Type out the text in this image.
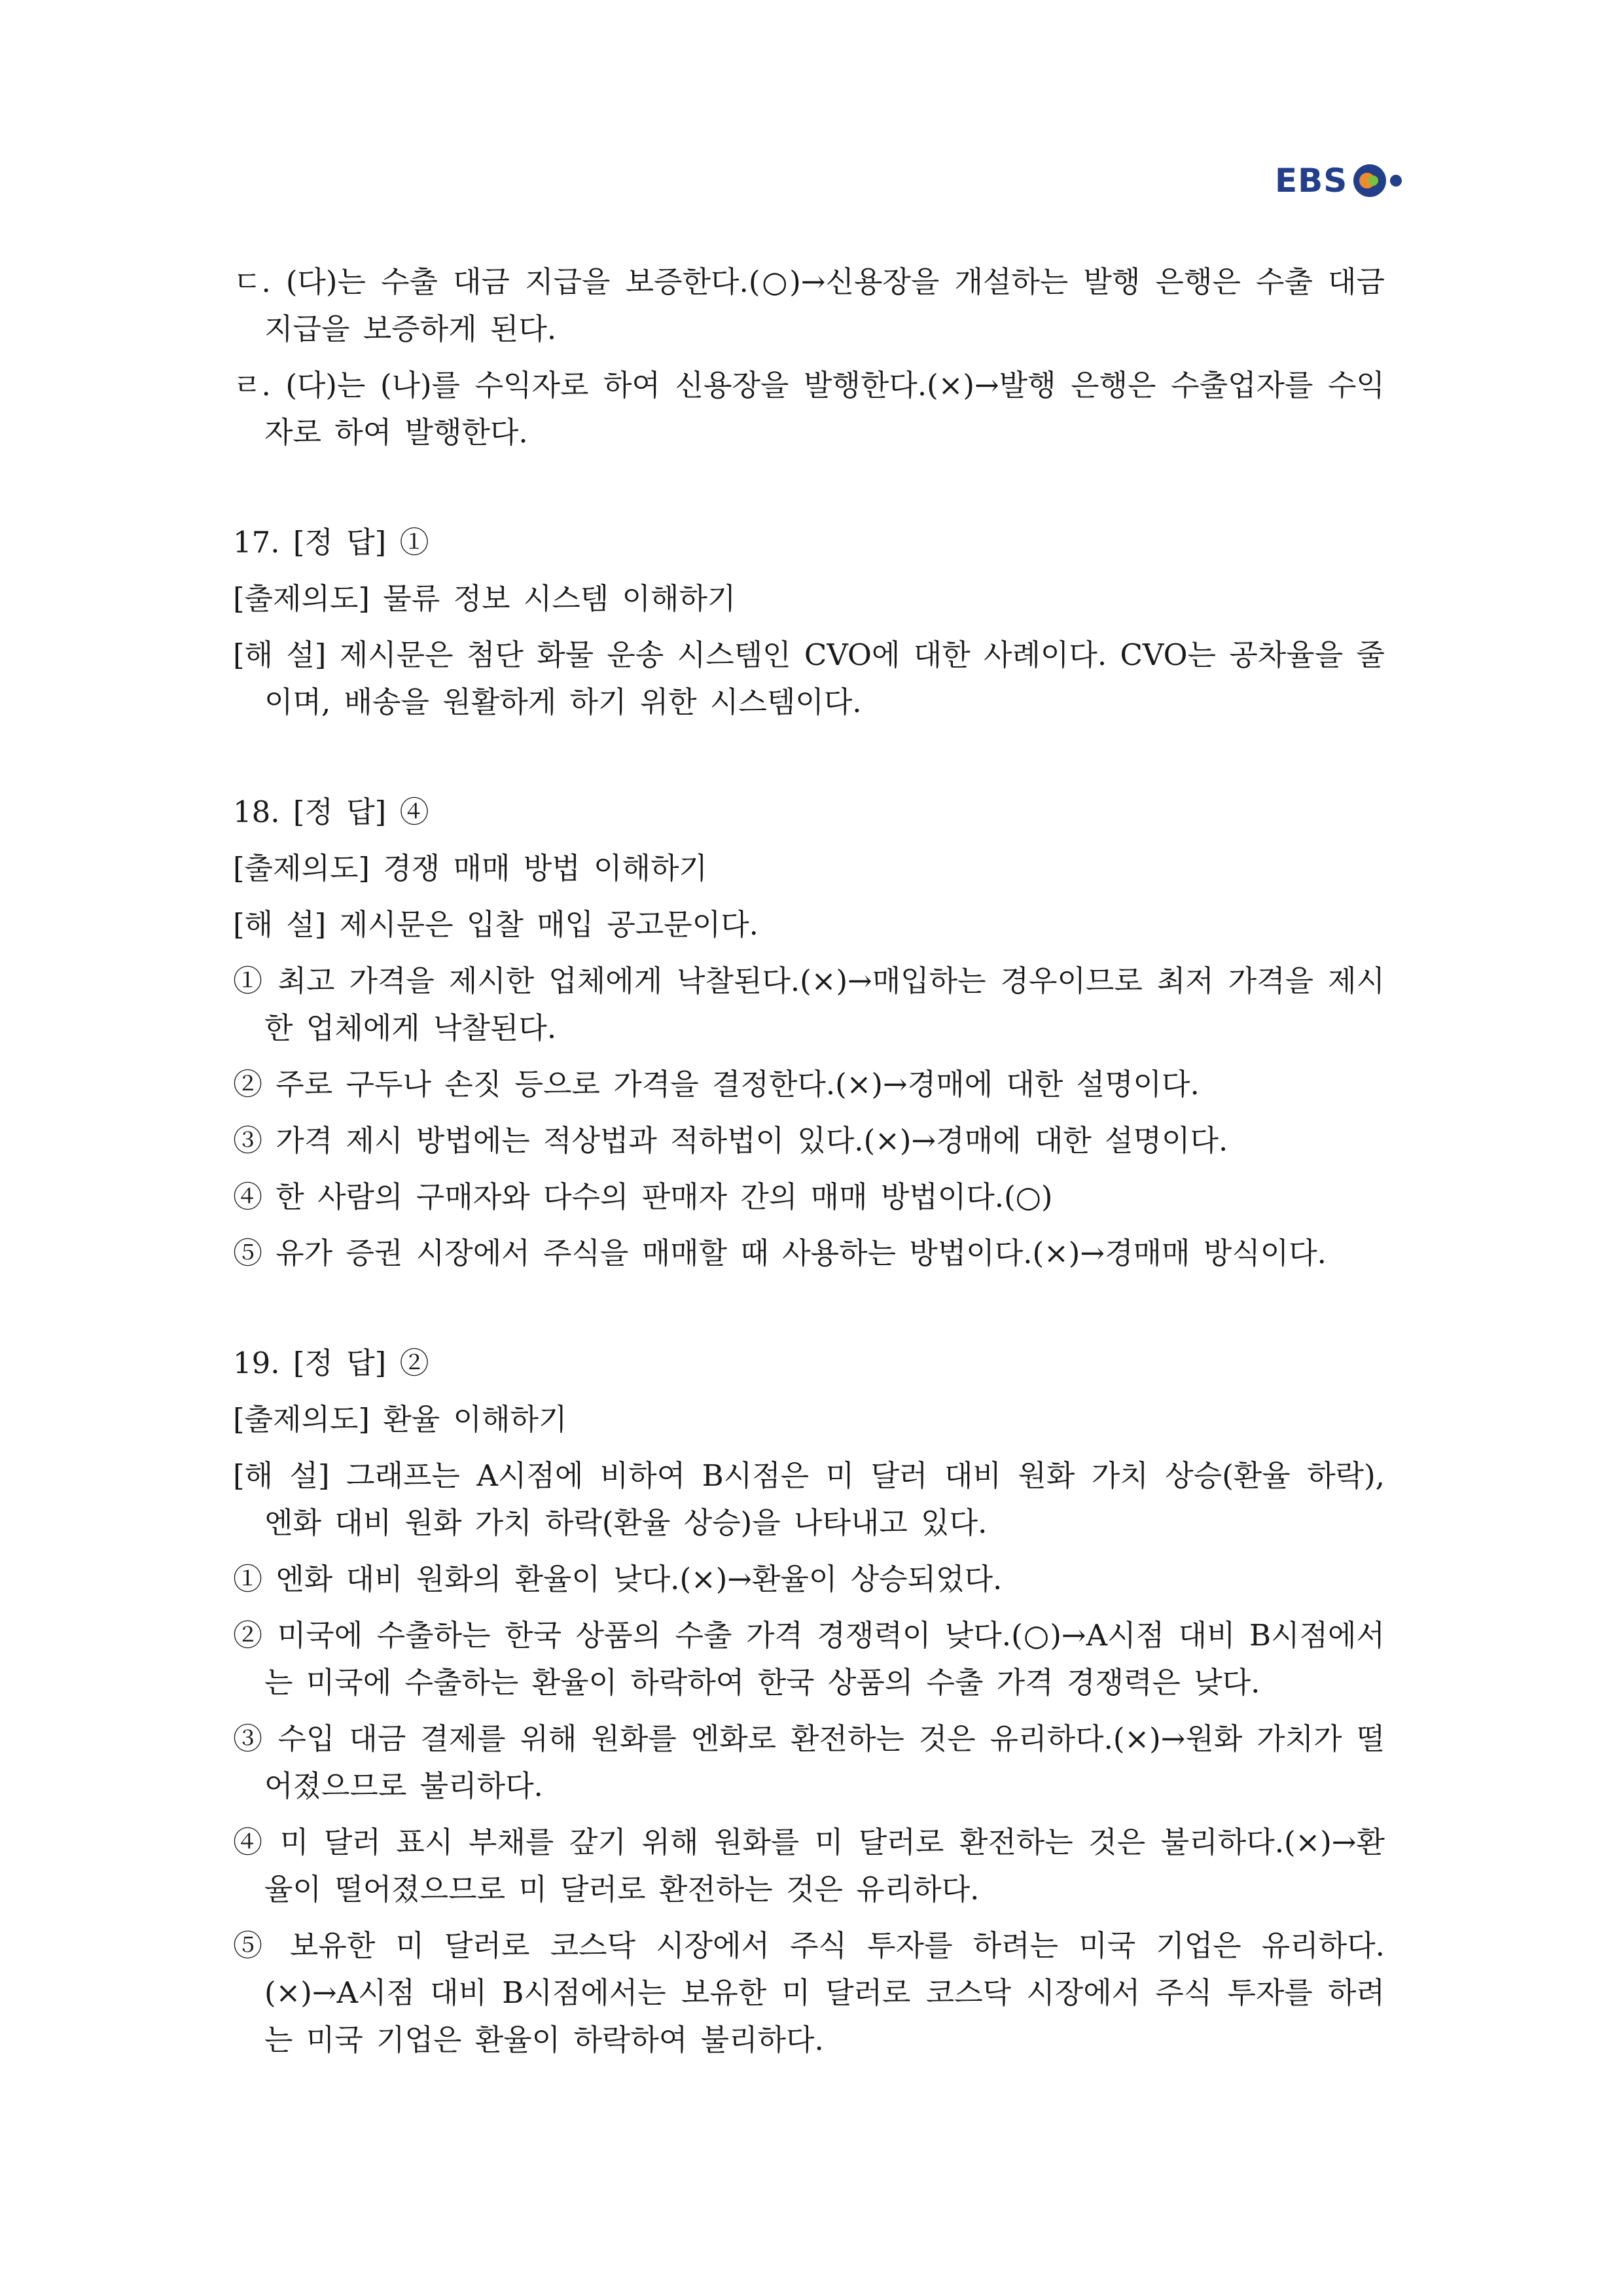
EBS
ㄷ. (다)는 수출 대금 지급을 보증한다.(○)→신용장을 개설하는 발행 은행은 수출 대금 지급을 보증하게 된다.
ㄹ. (다)는 (나)를 수익자로 하여 신용장을 발행한다.(×)→발행 은행은 수출업자를 수익자로 하여 발행한다.
17. [정 답] ①
[출제의도] 물류 정보 시스템 이해하기
[해 설] 제시문은 첨단 화물 운송 시스템인 CVO에 대한 사례이다. CVO는 공차율을 줄이며, 배송을 원활하게 하기 위한 시스템이다.
18. [정 답] ④
[출제의도] 경쟁 매매 방법 이해하기
[해 설] 제시문은 입찰 매입 공고문이다.
① 최고 가격을 제시한 업체에게 낙찰된다.(×)→매입하는 경우이므로 최저 가격을 제시한 업체에게 낙찰된다.
② 주로 구두나 손짓 등으로 가격을 결정한다.(×)→경매에 대한 설명이다.
③ 가격 제시 방법에는 적상법과 적하법이 있다.(×)→경매에 대한 설명이다.
④ 한 사람의 구매자와 다수의 판매자 간의 매매 방법이다.(○)
⑤ 유가 증권 시장에서 주식을 매매할 때 사용하는 방법이다.(×)→경매매 방식이다.
19. [정 답] ②
[출제의도] 환율 이해하기
[해 설] 그래프는 A시점에 비하여 B시점은 미 달러 대비 원화 가치 상승(환율 하락), 엔화 대비 원화 가치 하락(환율 상승)을 나타내고 있다.
① 엔화 대비 원화의 환율이 낮다.(×)→환율이 상승되었다.
② 미국에 수출하는 한국 상품의 수출 가격 경쟁력이 낮다.(○)→A시점 대비 B시점에서는 미국에 수출하는 환율이 하락하여 한국 상품의 수출 가격 경쟁력은 낮다.
③ 수입 대금 결제를 위해 원화를 엔화로 환전하는 것은 유리하다.(×)→원화 가치가 떨어졌으므로 불리하다.
④ 미 달러 표시 부채를 갚기 위해 원화를 미 달러로 환전하는 것은 불리하다.(×)→환율이 떨어졌으므로 미 달러로 환전하는 것은 유리하다.
⑤ 보유한 미 달러로 코스닥 시장에서 주식 투자를 하려는 미국 기업은 유리하다.(×)→A시점 대비 B시점에서는 보유한 미 달러로 코스닥 시장에서 주식 투자를 하려는 미국 기업은 환율이 하락하여 불리하다.
